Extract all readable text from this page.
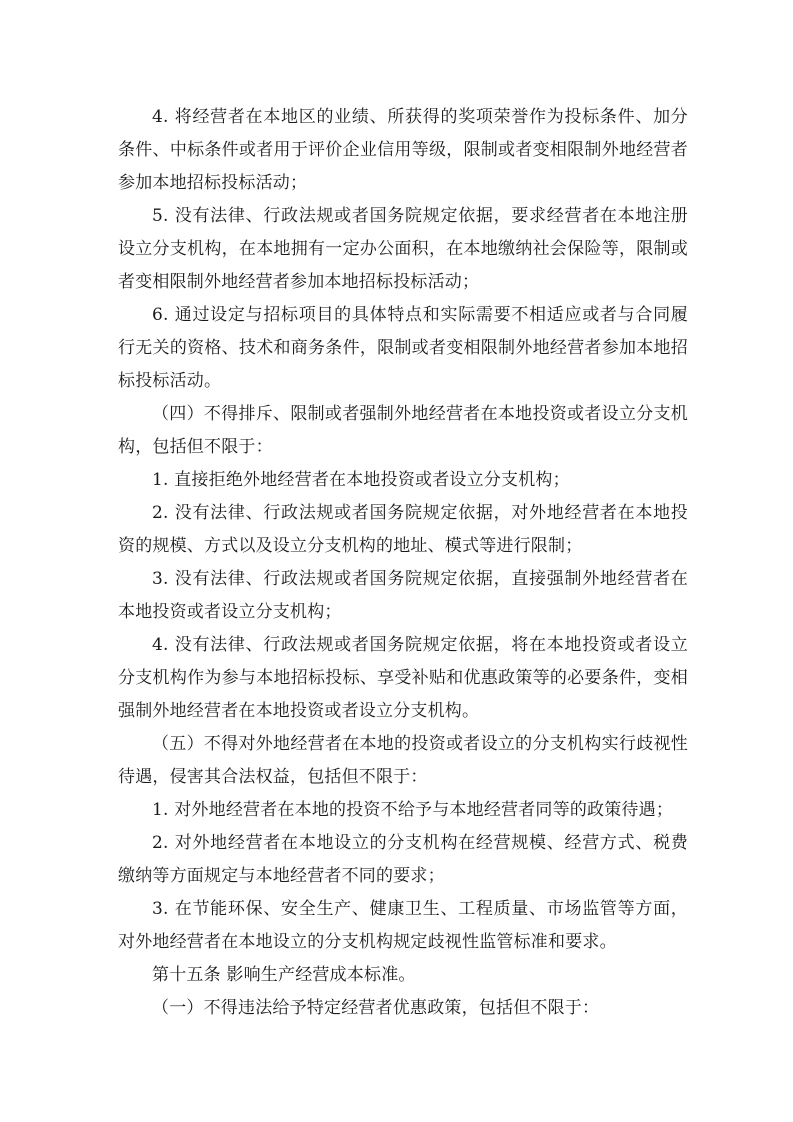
4. 将经营者在本地区的业绩、所获得的奖项荣誉作为投标条件、加分条件、中标条件或者用于评价企业信用等级，限制或者变相限制外地经营者参加本地招标投标活动；

5. 没有法律、行政法规或者国务院规定依据，要求经营者在本地注册设立分支机构，在本地拥有一定办公面积，在本地缴纳社会保险等，限制或者变相限制外地经营者参加本地招标投标活动；

6. 通过设定与招标项目的具体特点和实际需要不相适应或者与合同履行无关的资格、技术和商务条件，限制或者变相限制外地经营者参加本地招标投标活动。

（四）不得排斥、限制或者强制外地经营者在本地投资或者设立分支机构，包括但不限于：

1. 直接拒绝外地经营者在本地投资或者设立分支机构；

2. 没有法律、行政法规或者国务院规定依据，对外地经营者在本地投资的规模、方式以及设立分支机构的地址、模式等进行限制；

3. 没有法律、行政法规或者国务院规定依据，直接强制外地经营者在本地投资或者设立分支机构；

4. 没有法律、行政法规或者国务院规定依据，将在本地投资或者设立分支机构作为参与本地招标投标、享受补贴和优惠政策等的必要条件，变相强制外地经营者在本地投资或者设立分支机构。

（五）不得对外地经营者在本地的投资或者设立的分支机构实行歧视性待遇，侵害其合法权益，包括但不限于：

1. 对外地经营者在本地的投资不给予与本地经营者同等的政策待遇；

2. 对外地经营者在本地设立的分支机构在经营规模、经营方式、税费缴纳等方面规定与本地经营者不同的要求；

3. 在节能环保、安全生产、健康卫生、工程质量、市场监管等方面，对外地经营者在本地设立的分支机构规定歧视性监管标准和要求。

第十五条 影响生产经营成本标准。

（一）不得违法给予特定经营者优惠政策，包括但不限于：
